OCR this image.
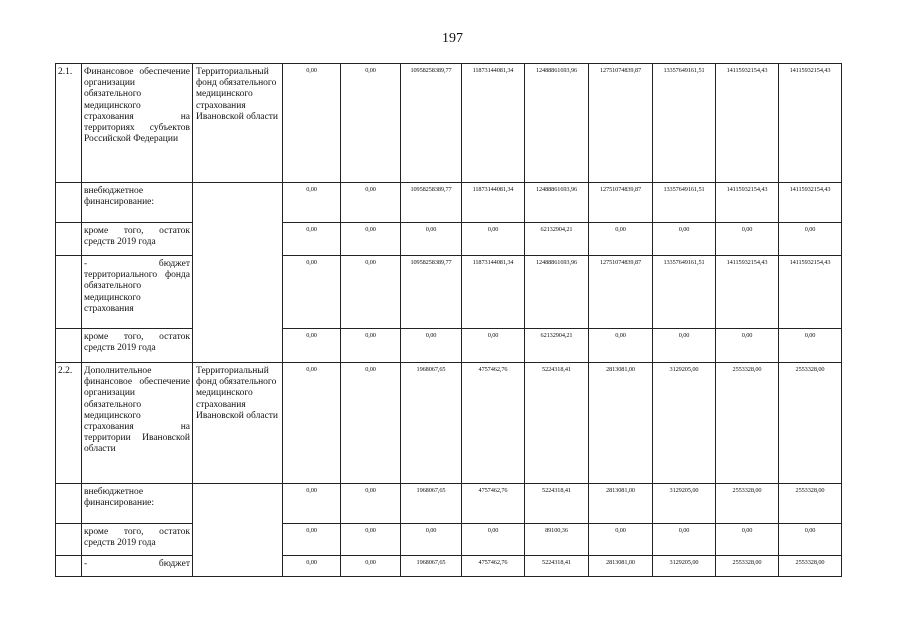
197
2.1.	Финансовое обеспечение организации обязательного медицинского страхования на территориях субъектов Российской Федерации	Территориальный фонд обязательного медицинского страхования Ивановской области	0,00	0,00	10958258389,77	11873144081,34	12488861693,96	12751074839,87	13357649161,51	14115932154,43	14115932154,43
	внебюджетное финансирование:		0,00	0,00	10958258389,77	11873144081,34	12488861693,96	12751074839,87	13357649161,51	14115932154,43	14115932154,43
	кроме того, остаток средств 2019 года		0,00	0,00	0,00	0,00	62132904,21	0,00	0,00	0,00	0,00
	- бюджет территориального фонда обязательного медицинского страхования		0,00	0,00	10958258389,77	11873144081,34	12488861693,96	12751074839,87	13357649161,51	14115932154,43	14115932154,43
	кроме того, остаток средств 2019 года		0,00	0,00	0,00	0,00	62132904,21	0,00	0,00	0,00	0,00
2.2.	Дополнительное финансовое обеспечение организации обязательного медицинского страхования на территории Ивановской области	Территориальный фонд обязательного медицинского страхования Ивановской области	0,00	0,00	1968067,65	4757462,76	5224318,41	2813081,00	3129205,00	2553328,00	2553328,00
	внебюджетное финансирование:		0,00	0,00	1968067,65	4757462,76	5224318,41	2813081,00	3129205,00	2553328,00	2553328,00
	кроме того, остаток средств 2019 года		0,00	0,00	0,00	0,00	89100,36	0,00	0,00	0,00	0,00
	- бюджет		0,00	0,00	1968067,65	4757462,76	5224318,41	2813081,00	3129205,00	2553328,00	2553328,00
